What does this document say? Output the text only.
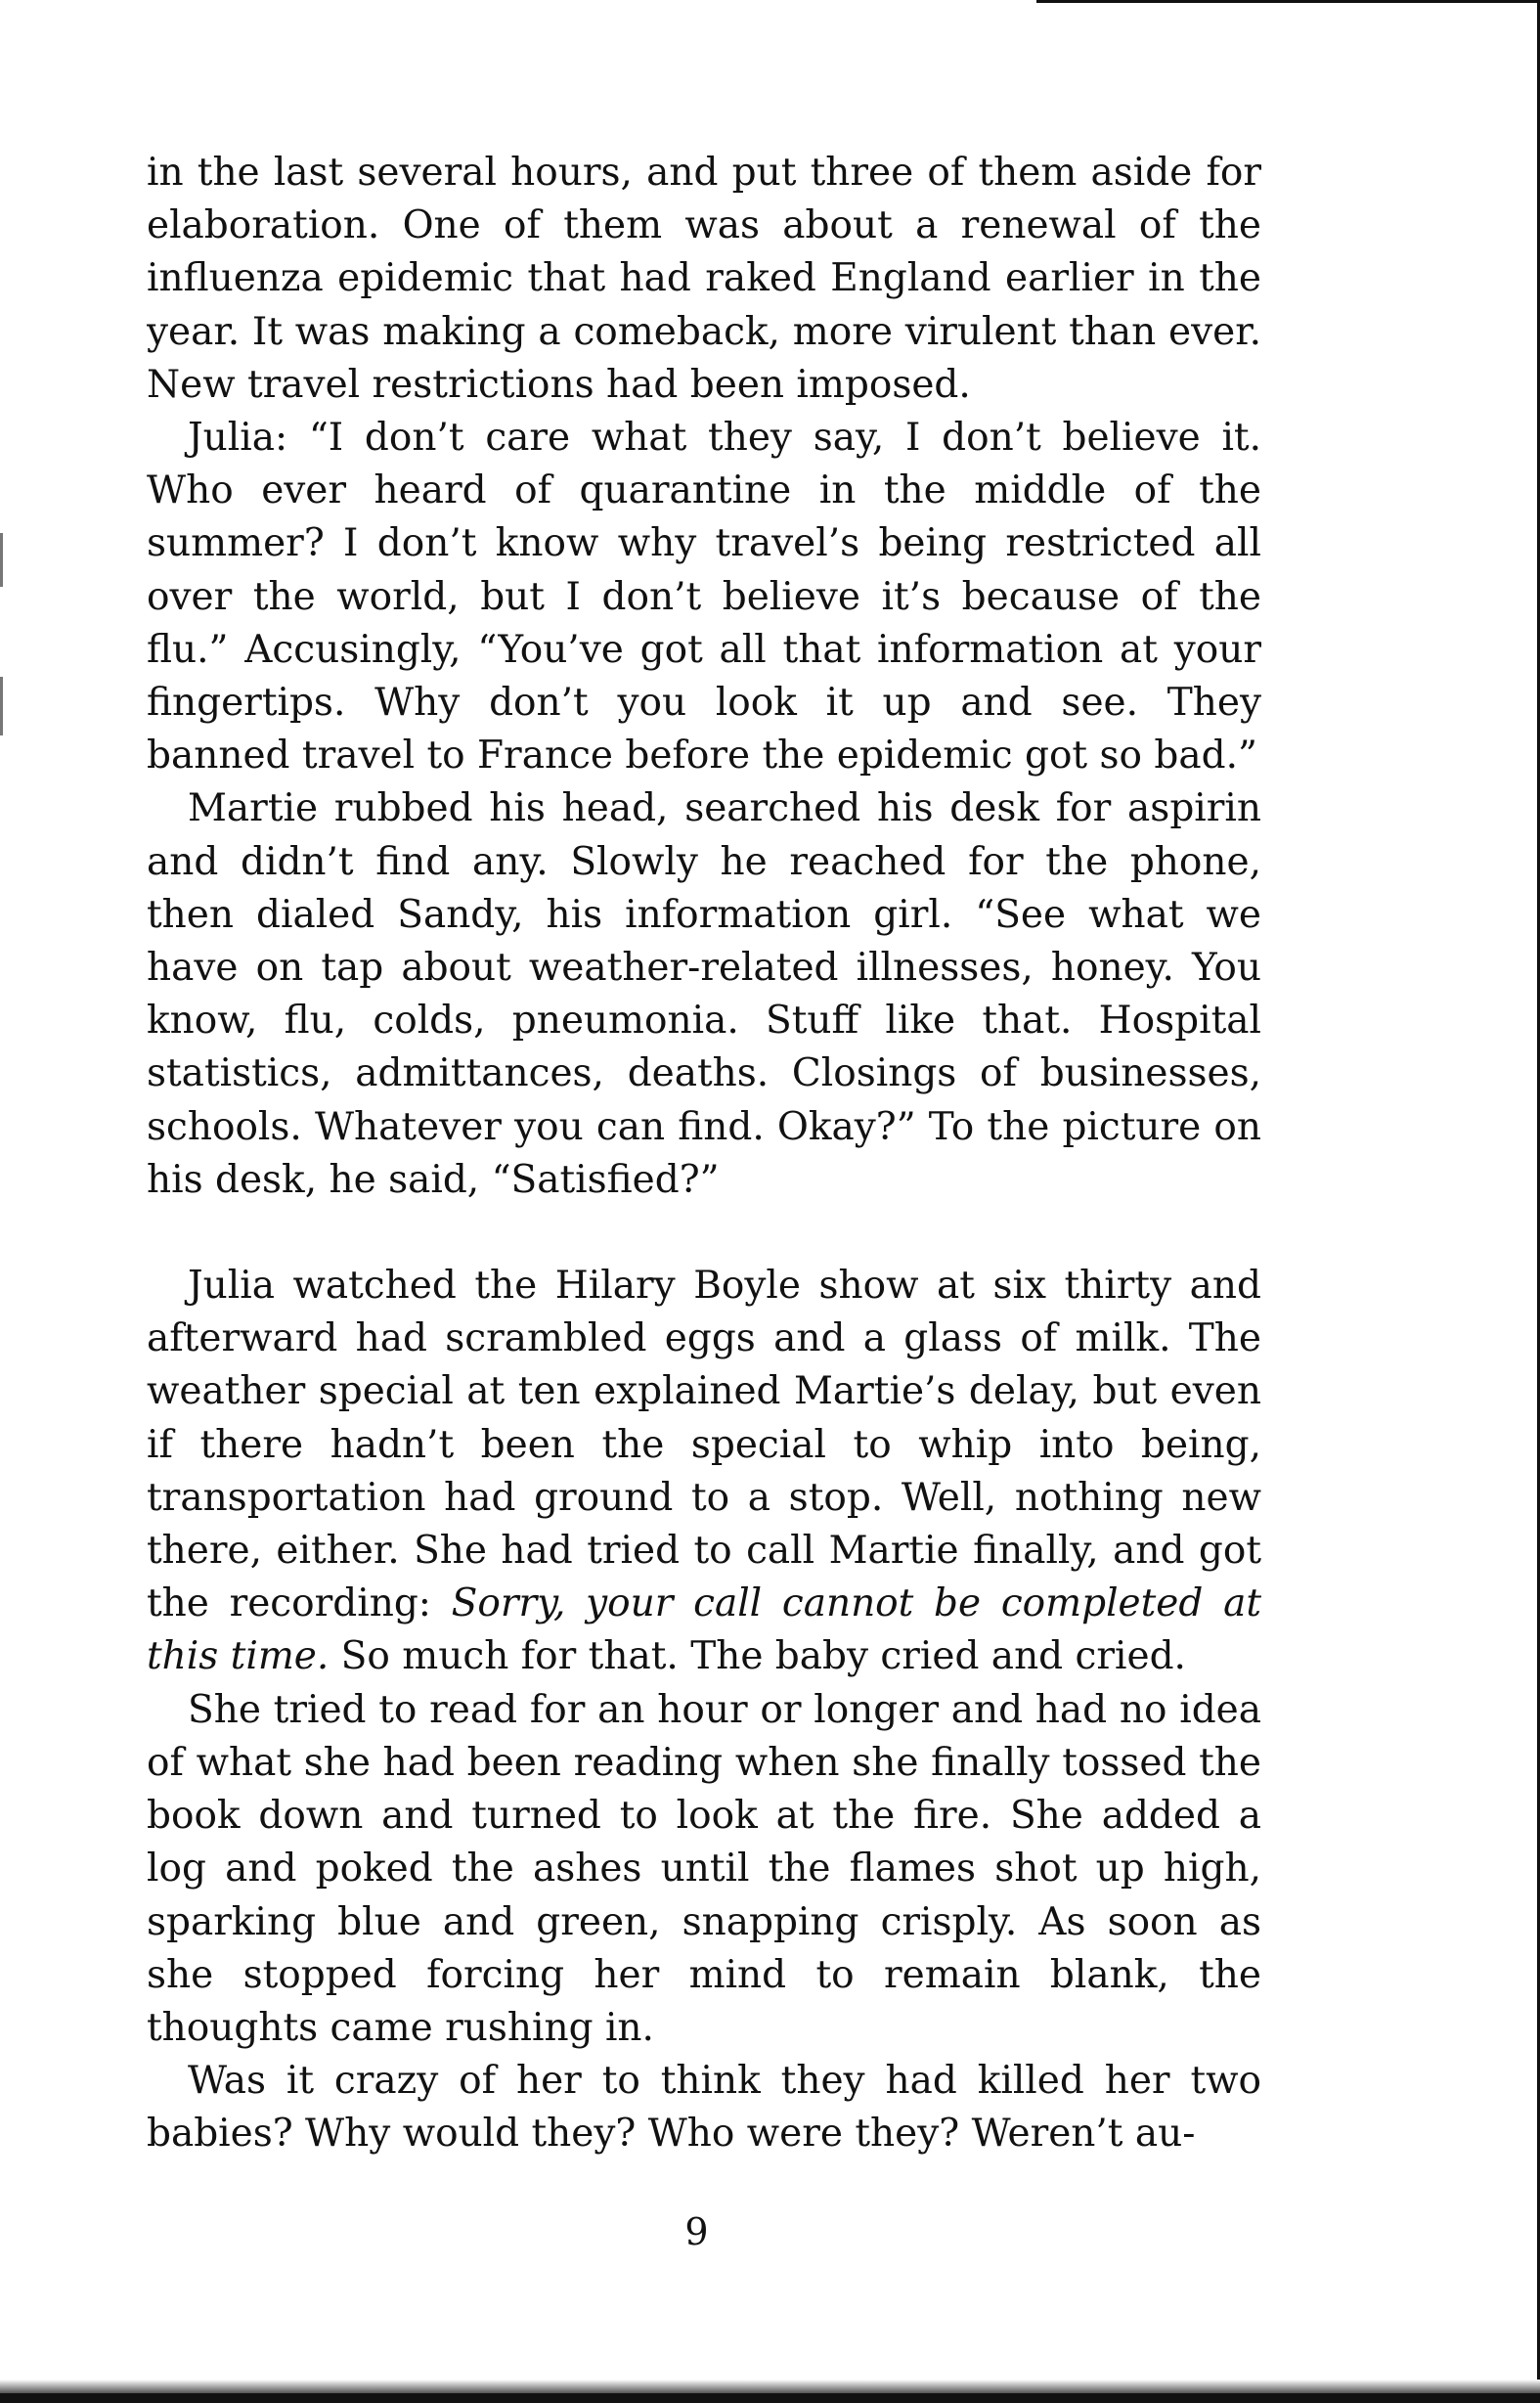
in the last several hours, and put three of them aside for elaboration. One of them was about a renewal of the influenza epidemic that had raked England earlier in the year. It was making a comeback, more virulent than ever. New travel restrictions had been imposed.

Julia: “I don’t care what they say, I don’t believe it. Who ever heard of quarantine in the middle of the summer? I don’t know why travel’s being restricted all over the world, but I don’t believe it’s because of the flu.” Accusingly, “You’ve got all that information at your fingertips. Why don’t you look it up and see. They banned travel to France before the epidemic got so bad.”

Martie rubbed his head, searched his desk for aspirin and didn’t find any. Slowly he reached for the phone, then dialed Sandy, his information girl. “See what we have on tap about weather-related illnesses, honey. You know, flu, colds, pneumonia. Stuff like that. Hospital statistics, admittances, deaths. Closings of businesses, schools. Whatever you can find. Okay?” To the picture on his desk, he said, “Satisfied?”

Julia watched the Hilary Boyle show at six thirty and afterward had scrambled eggs and a glass of milk. The weather special at ten explained Martie’s delay, but even if there hadn’t been the special to whip into being, transportation had ground to a stop. Well, nothing new there, either. She had tried to call Martie finally, and got the recording: Sorry, your call cannot be completed at this time. So much for that. The baby cried and cried.

She tried to read for an hour or longer and had no idea of what she had been reading when she finally tossed the book down and turned to look at the fire. She added a log and poked the ashes until the flames shot up high, sparking blue and green, snapping crisply. As soon as she stopped forcing her mind to remain blank, the thoughts came rushing in.

Was it crazy of her to think they had killed her two babies? Why would they? Who were they? Weren’t au-

9
